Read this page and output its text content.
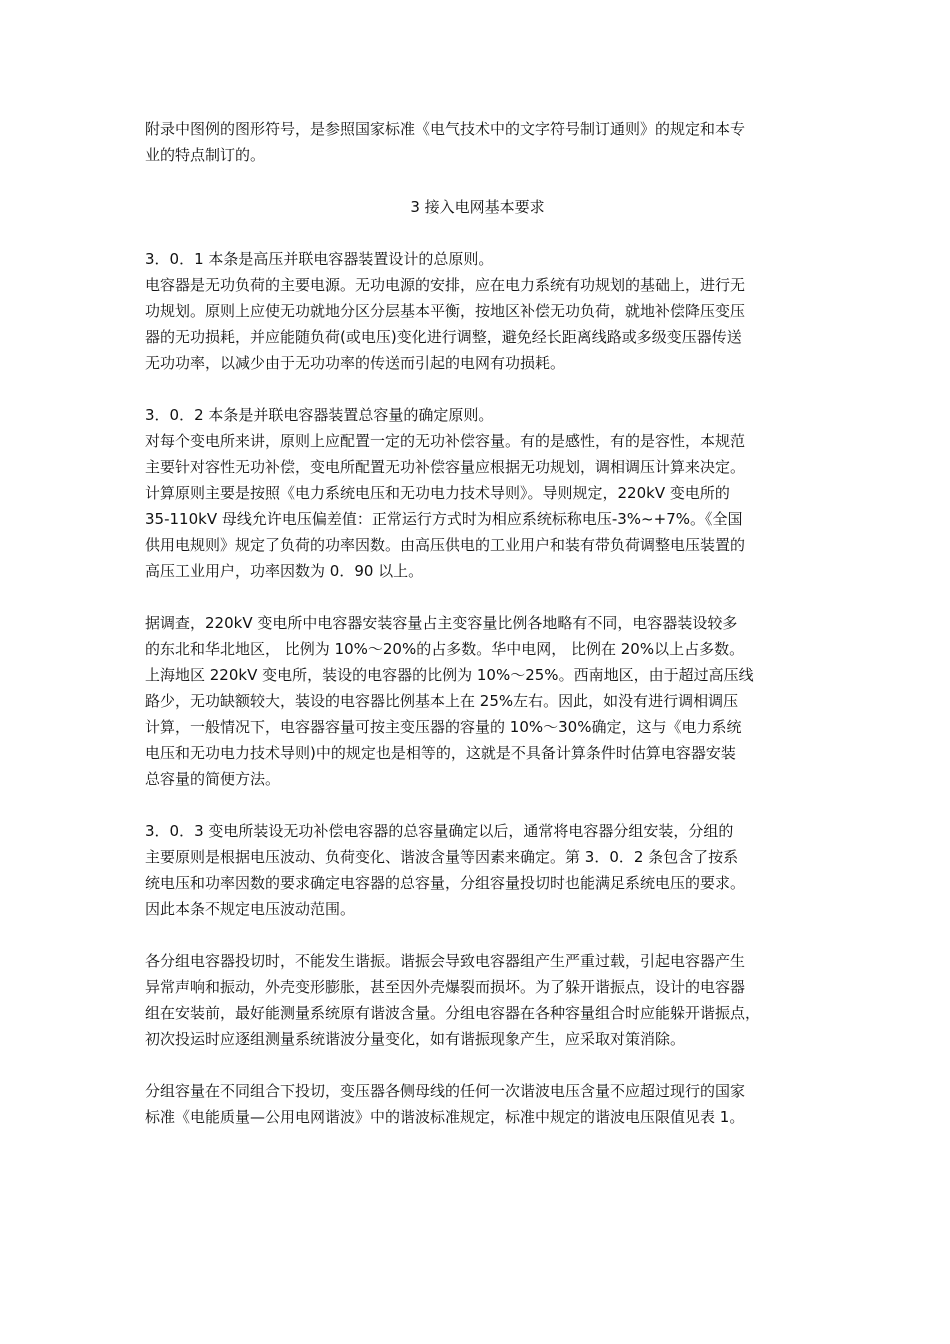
附录中图例的图形符号，是参照国家标准《电气技术中的文字符号制订通则》的规定和本专
业的特点制订的。

3 接入电网基本要求

3．0．1 本条是高压并联电容器装置设计的总原则。
电容器是无功负荷的主要电源。无功电源的安排，应在电力系统有功规划的基础上，进行无
功规划。原则上应使无功就地分区分层基本平衡，按地区补偿无功负荷，就地补偿降压变压
器的无功损耗，并应能随负荷(或电压)变化进行调整，避免经长距离线路或多级变压器传送
无功功率，以减少由于无功功率的传送而引起的电网有功损耗。

3．0．2 本条是并联电容器装置总容量的确定原则。
对每个变电所来讲，原则上应配置一定的无功补偿容量。有的是感性，有的是容性，本规范
主要针对容性无功补偿，变电所配置无功补偿容量应根据无功规划，调相调压计算来决定。
计算原则主要是按照《电力系统电压和无功电力技术导则》。导则规定，220kV 变电所的
35-110kV 母线允许电压偏差值：正常运行方式时为相应系统标称电压-3%~+7%。《全国
供用电规则》规定了负荷的功率因数。由高压供电的工业用户和装有带负荷调整电压装置的
高压工业用户，功率因数为 0．90 以上。

据调查，220kV 变电所中电容器安装容量占主变容量比例各地略有不同，电容器装设较多
的东北和华北地区， 比例为 10%～20%的占多数。华中电网， 比例在 20%以上占多数。
上海地区 220kV 变电所，装设的电容器的比例为 10%～25%。西南地区，由于超过高压线
路少，无功缺额较大，装设的电容器比例基本上在 25%左右。因此，如没有进行调相调压
计算，一般情况下，电容器容量可按主变压器的容量的 10%～30%确定，这与《电力系统
电压和无功电力技术导则)中的规定也是相等的，这就是不具备计算条件时估算电容器安装
总容量的简便方法。

3．0．3 变电所装设无功补偿电容器的总容量确定以后，通常将电容器分组安装，分组的
主要原则是根据电压波动、负荷变化、谐波含量等因素来确定。第 3．0．2 条包含了按系
统电压和功率因数的要求确定电容器的总容量，分组容量投切时也能满足系统电压的要求。
因此本条不规定电压波动范围。

各分组电容器投切时，不能发生谐振。谐振会导致电容器组产生严重过载，引起电容器产生
异常声响和振动，外壳变形膨胀，甚至因外壳爆裂而损坏。为了躲开谐振点，设计的电容器
组在安装前，最好能测量系统原有谐波含量。分组电容器在各种容量组合时应能躲开谐振点，
初次投运时应逐组测量系统谐波分量变化，如有谐振现象产生，应采取对策消除。

分组容量在不同组合下投切，变压器各侧母线的任何一次谐波电压含量不应超过现行的国家
标准《电能质量—公用电网谐波》中的谐波标准规定，标准中规定的谐波电压限值见表 1。
